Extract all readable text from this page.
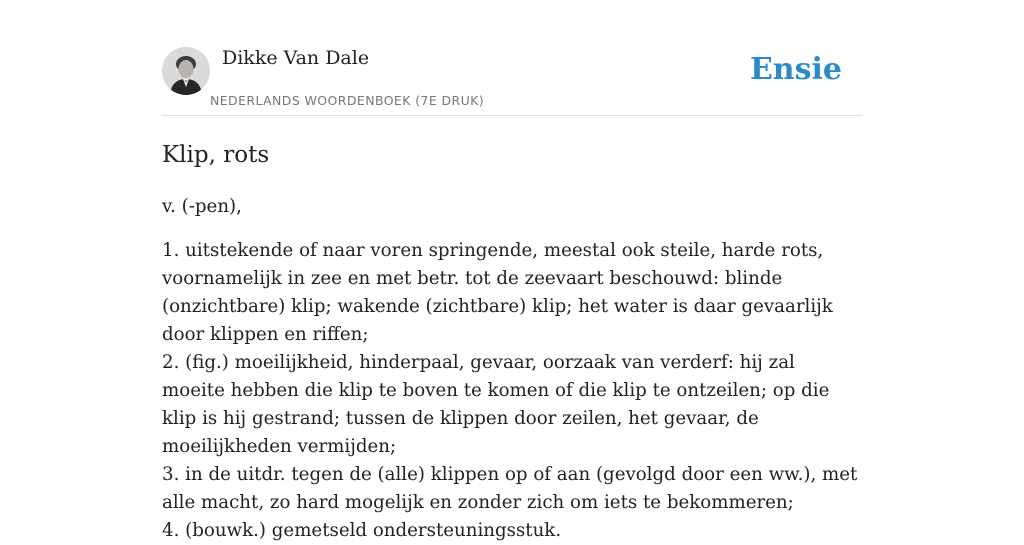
Dikke Van Dale
NEDERLANDS WOORDENBOEK (7E DRUK)
Ensie
Klip, rots

v. (-pen),

1. uitstekende of naar voren springende, meestal ook steile, harde rots, voornamelijk in zee en met betr. tot de zeevaart beschouwd: blinde (onzichtbare) klip; wakende (zichtbare) klip; het water is daar gevaarlijk door klippen en riffen;
2. (fig.) moeilijkheid, hinderpaal, gevaar, oorzaak van verderf: hij zal moeite hebben die klip te boven te komen of die klip te ontzeilen; op die klip is hij gestrand; tussen de klippen door zeilen, het gevaar, de moeilijkheden vermijden;
3. in de uitdr. tegen de (alle) klippen op of aan (gevolgd door een ww.), met alle macht, zo hard mogelijk en zonder zich om iets te bekommeren;
4. (bouwk.) gemetseld ondersteuningsstuk.
